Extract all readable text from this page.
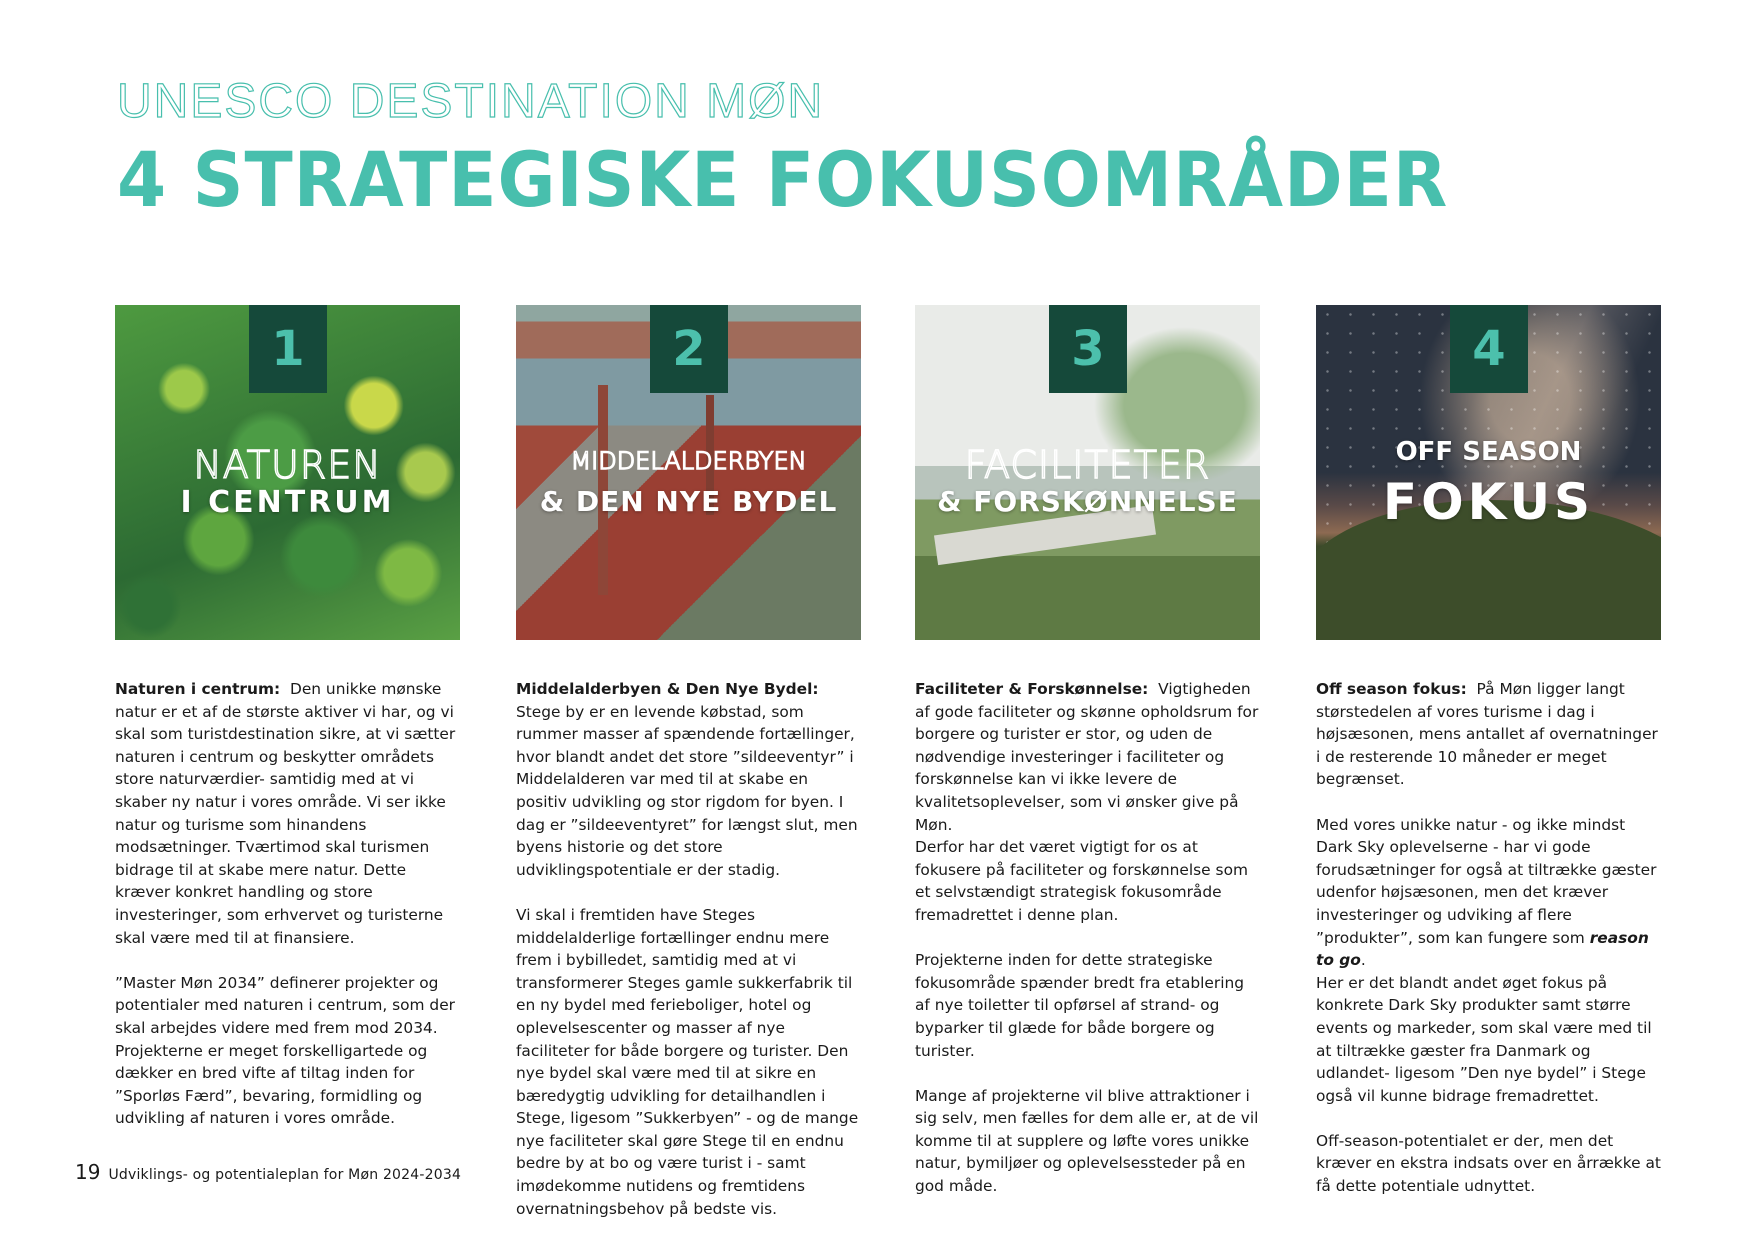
UNESCO DESTINATION MØN
4 STRATEGISKE FOKUSOMRÅDER
1
NATUREN
I CENTRUM

Naturen i centrum: Den unikke mønske natur er et af de største aktiver vi har, og vi skal som turistdestination sikre, at vi sætter naturen i centrum og beskytter områdets store naturværdier- samtidig med at vi skaber ny natur i vores område. Vi ser ikke natur og turisme som hinandens modsætninger. Tværtimod skal turismen bidrage til at skabe mere natur. Dette kræver konkret handling og store investeringer, som erhvervet og turisterne skal være med til at finansiere.

”Master Møn 2034” definerer projekter og potentialer med naturen i centrum, som der skal arbejdes videre med frem mod 2034. Projekterne er meget forskelligartede og dækker en bred vifte af tiltag inden for ”Sporløs Færd”, bevaring, formidling og udvikling af naturen i vores område.

2
MIDDELALDERBYEN
& DEN NYE BYDEL

Middelalderbyen & Den Nye Bydel:  Stege by er en levende købstad, som rummer masser af spændende fortællinger, hvor blandt andet det store ”sildeeventyr” i Middelalderen var med til at skabe en positiv udvikling og stor rigdom for byen. I dag er ”sildeeventyret” for længst slut, men byens historie og det store udviklingspotentiale er der stadig.

Vi skal i fremtiden have Steges middelalderlige fortællinger endnu mere frem i bybilledet, samtidig med at vi transformerer Steges gamle sukkerfabrik til en ny bydel med ferieboliger, hotel og oplevelsescenter og masser af nye faciliteter for både borgere og turister. Den nye bydel skal være med til at sikre en bæredygtig udvikling for detailhandlen i Stege, ligesom ”Sukkerbyen” - og de mange nye faciliteter skal gøre Stege til en endnu bedre by at bo og være turist i - samt imødekomme nutidens og fremtidens overnatningsbehov på bedste vis.

3
FACILITETER
& FORSKØNNELSE

Faciliteter & Forskønnelse: Vigtigheden af gode faciliteter og skønne opholdsrum for borgere og turister er stor, og uden de nødvendige investeringer i faciliteter og forskønnelse kan vi ikke levere de kvalitetsoplevelser, som vi ønsker give på Møn.
Derfor har det været vigtigt for os at fokusere på faciliteter og forskønnelse som et selvstændigt strategisk fokusområde fremadrettet i denne plan.

Projekterne inden for dette strategiske fokusområde spænder bredt fra etablering af nye toiletter til opførsel af strand- og byparker til glæde for både borgere og turister.

Mange af projekterne vil blive attraktioner i sig selv, men fælles for dem alle er, at de vil komme til at supplere og løfte vores unikke natur, bymiljøer og oplevelsessteder på en god måde.

4
OFF SEASON
FOKUS

Off season fokus: På Møn ligger langt størstedelen af vores turisme i dag i højsæsonen, mens antallet af overnatninger i de resterende 10 måneder er meget begrænset.

Med vores unikke natur - og ikke mindst Dark Sky oplevelserne - har vi gode forudsætninger for også at tiltrække gæster udenfor højsæsonen, men det kræver investeringer og udviking af flere ”produkter”, som kan fungere som reason to go.

Her er det blandt andet øget fokus på konkrete Dark Sky produkter samt større events og markeder, som skal være med til at tiltrække gæster fra Danmark og udlandet- ligesom ”Den nye bydel” i Stege også vil kunne bidrage fremadrettet.

Off-season-potentialet er der, men det kræver en ekstra indsats over en årrække at få dette potentiale udnyttet.

19 Udviklings- og potentialeplan for Møn 2024-2034
